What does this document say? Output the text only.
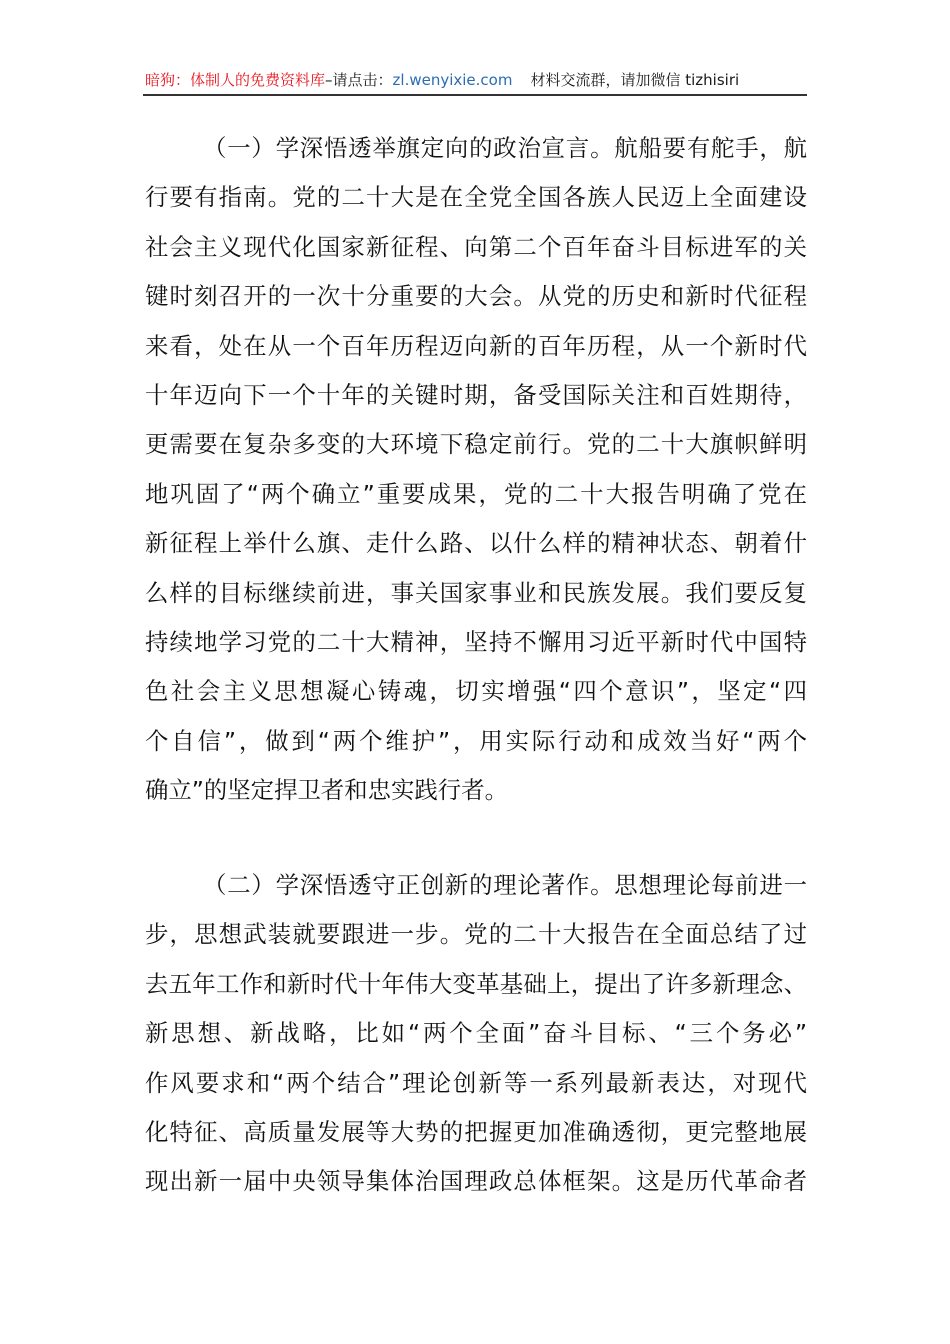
暗狗：体制人的免费资料库–请点击：zl.wenyixie.com 材料交流群，请加微信 tizhisiri
（一）学深悟透举旗定向的政治宣言。航船要有舵手，航
行要有指南。党的二十大是在全党全国各族人民迈上全面建设
社会主义现代化国家新征程、向第二个百年奋斗目标进军的关
键时刻召开的一次十分重要的大会。从党的历史和新时代征程
来看，处在从一个百年历程迈向新的百年历程，从一个新时代
十年迈向下一个十年的关键时期，备受国际关注和百姓期待，
更需要在复杂多变的大环境下稳定前行。党的二十大旗帜鲜明
地巩固了“两个确立”重要成果，党的二十大报告明确了党在
新征程上举什么旗、走什么路、以什么样的精神状态、朝着什
么样的目标继续前进，事关国家事业和民族发展。我们要反复
持续地学习党的二十大精神，坚持不懈用习近平新时代中国特
色社会主义思想凝心铸魂，切实增强“四个意识”，坚定“四
个自信”，做到“两个维护”，用实际行动和成效当好“两个
确立”的坚定捍卫者和忠实践行者。
（二）学深悟透守正创新的理论著作。思想理论每前进一
步，思想武装就要跟进一步。党的二十大报告在全面总结了过
去五年工作和新时代十年伟大变革基础上，提出了许多新理念、
新思想、新战略，比如“两个全面”奋斗目标、“三个务必”
作风要求和“两个结合”理论创新等一系列最新表达，对现代
化特征、高质量发展等大势的把握更加准确透彻，更完整地展
现出新一届中央领导集体治国理政总体框架。这是历代革命者
